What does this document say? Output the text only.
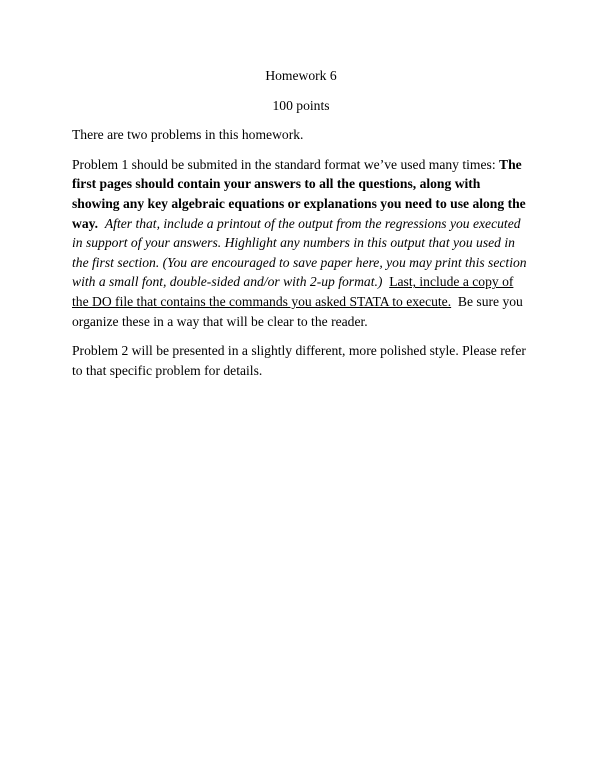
Homework 6

100 points

There are two problems in this homework.

Problem 1 should be submited in the standard format we’ve used many times: The first pages should contain your answers to all the questions, along with showing any key algebraic equations or explanations you need to use along the way. After that, include a printout of the output from the regressions you executed in support of your answers. Highlight any numbers in this output that you used in the first section. (You are encouraged to save paper here, you may print this section with a small font, double-sided and/or with 2-up format.) Last, include a copy of the DO file that contains the commands you asked STATA to execute. Be sure you organize these in a way that will be clear to the reader.

Problem 2 will be presented in a slightly different, more polished style. Please refer to that specific problem for details.
